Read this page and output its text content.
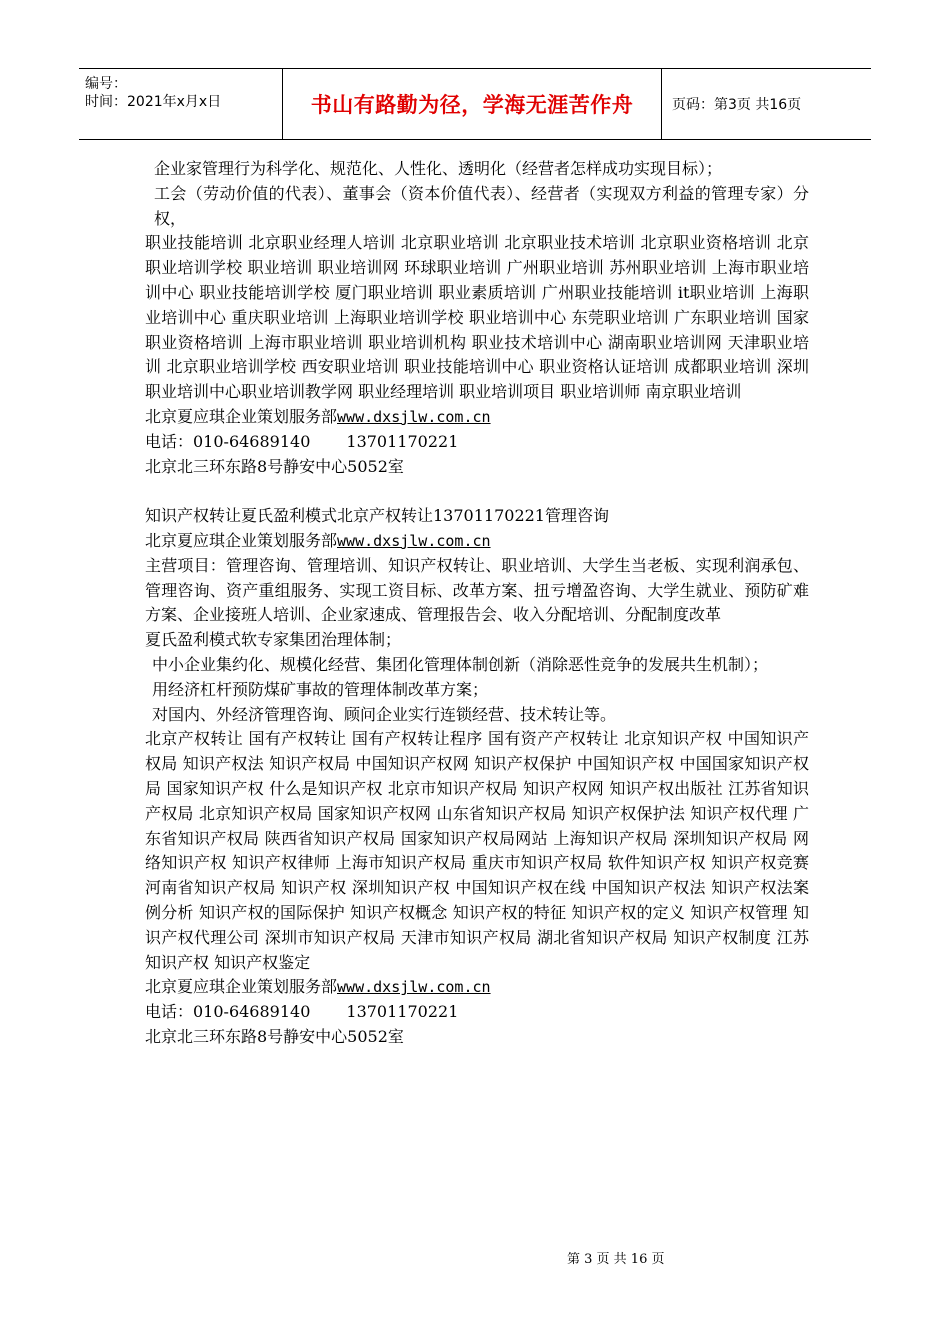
编号：
时间：2021年x月x日	书山有路勤为径，学海无涯苦作舟	页码：第3页 共16页

企业家管理行为科学化、规范化、人性化、透明化（经营者怎样成功实现目标）；

工会（劳动价值的代表）、董事会（资本价值代表）、经营者（实现双方利益的管理专家）分权，

职业技能培训 北京职业经理人培训 北京职业培训 北京职业技术培训 北京职业资格培训 北京职业培训学校 职业培训 职业培训网 环球职业培训 广州职业培训 苏州职业培训 上海市职业培训中心 职业技能培训学校 厦门职业培训 职业素质培训 广州职业技能培训 it职业培训 上海职业培训中心 重庆职业培训 上海职业培训学校 职业培训中心 东莞职业培训 广东职业培训 国家职业资格培训 上海市职业培训 职业培训机构 职业技术培训中心 湖南职业培训网 天津职业培训 北京职业培训学校 西安职业培训 职业技能培训中心 职业资格认证培训 成都职业培训 深圳职业培训中心职业培训教学网 职业经理培训 职业培训项目 职业培训师 南京职业培训

北京夏应琪企业策划服务部www.dxsjlw.com.cn

电话：010-64689140 13701170221

北京北三环东路8号静安中心5052室

知识产权转让夏氏盈利模式北京产权转让13701170221管理咨询

北京夏应琪企业策划服务部www.dxsjlw.com.cn

主营项目：管理咨询、管理培训、知识产权转让、职业培训、大学生当老板、实现利润承包、管理咨询、资产重组服务、实现工资目标、改革方案、扭亏增盈咨询、大学生就业、预防矿难方案、企业接班人培训、企业家速成、管理报告会、收入分配培训、分配制度改革

夏氏盈利模式软专家集团治理体制；

中小企业集约化、规模化经营、集团化管理体制创新（消除恶性竞争的发展共生机制）；

用经济杠杆预防煤矿事故的管理体制改革方案；

对国内、外经济管理咨询、顾问企业实行连锁经营、技术转让等。

北京产权转让 国有产权转让 国有产权转让程序 国有资产产权转让 北京知识产权 中国知识产权局 知识产权法 知识产权局 中国知识产权网 知识产权保护 中国知识产权 中国国家知识产权局 国家知识产权 什么是知识产权 北京市知识产权局 知识产权网 知识产权出版社 江苏省知识产权局 北京知识产权局 国家知识产权网 山东省知识产权局 知识产权保护法 知识产权代理 广东省知识产权局 陕西省知识产权局 国家知识产权局网站 上海知识产权局 深圳知识产权局 网络知识产权 知识产权律师 上海市知识产权局 重庆市知识产权局 软件知识产权 知识产权竞赛 河南省知识产权局 知识产权 深圳知识产权 中国知识产权在线 中国知识产权法 知识产权法案例分析 知识产权的国际保护 知识产权概念 知识产权的特征 知识产权的定义 知识产权管理 知识产权代理公司 深圳市知识产权局 天津市知识产权局 湖北省知识产权局 知识产权制度 江苏知识产权 知识产权鉴定

北京夏应琪企业策划服务部www.dxsjlw.com.cn

电话：010-64689140 13701170221

北京北三环东路8号静安中心5052室

第 3 页 共 16 页
